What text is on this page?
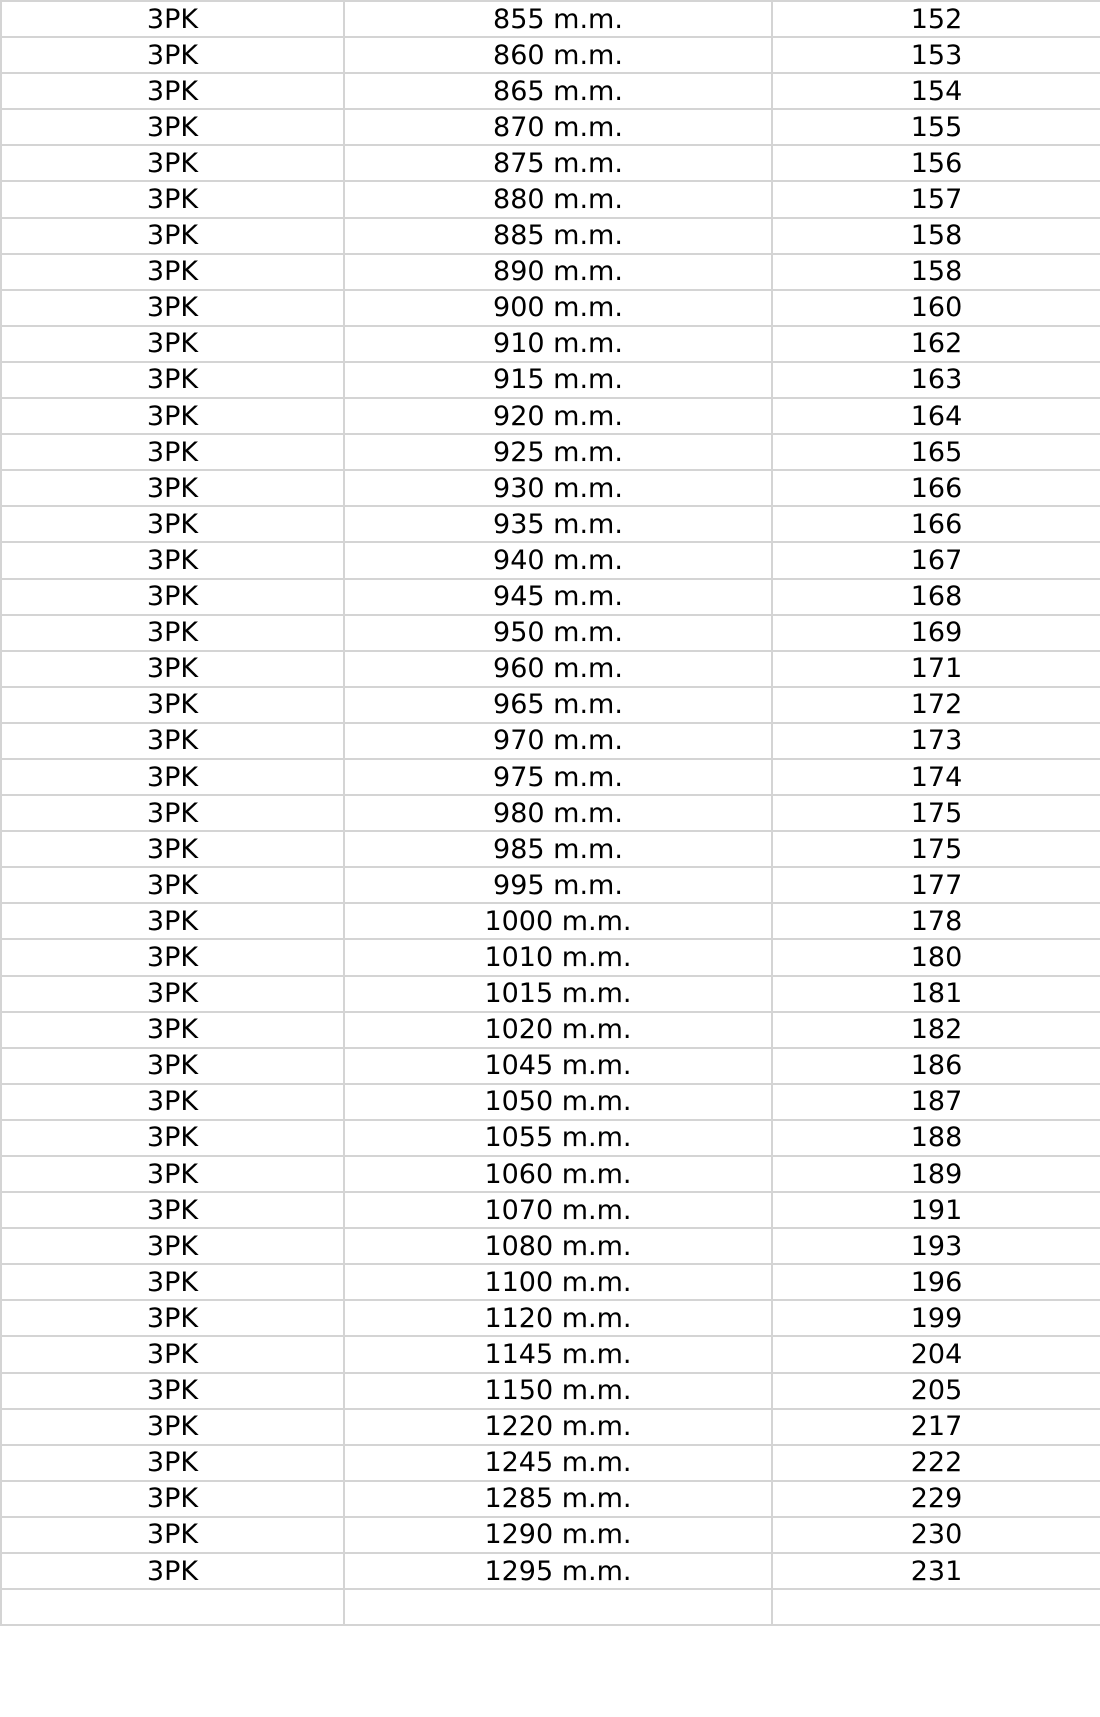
3PK	855 m.m.	152
3PK	860 m.m.	153
3PK	865 m.m.	154
3PK	870 m.m.	155
3PK	875 m.m.	156
3PK	880 m.m.	157
3PK	885 m.m.	158
3PK	890 m.m.	158
3PK	900 m.m.	160
3PK	910 m.m.	162
3PK	915 m.m.	163
3PK	920 m.m.	164
3PK	925 m.m.	165
3PK	930 m.m.	166
3PK	935 m.m.	166
3PK	940 m.m.	167
3PK	945 m.m.	168
3PK	950 m.m.	169
3PK	960 m.m.	171
3PK	965 m.m.	172
3PK	970 m.m.	173
3PK	975 m.m.	174
3PK	980 m.m.	175
3PK	985 m.m.	175
3PK	995 m.m.	177
3PK	1000 m.m.	178
3PK	1010 m.m.	180
3PK	1015 m.m.	181
3PK	1020 m.m.	182
3PK	1045 m.m.	186
3PK	1050 m.m.	187
3PK	1055 m.m.	188
3PK	1060 m.m.	189
3PK	1070 m.m.	191
3PK	1080 m.m.	193
3PK	1100 m.m.	196
3PK	1120 m.m.	199
3PK	1145 m.m.	204
3PK	1150 m.m.	205
3PK	1220 m.m.	217
3PK	1245 m.m.	222
3PK	1285 m.m.	229
3PK	1290 m.m.	230
3PK	1295 m.m.	231
